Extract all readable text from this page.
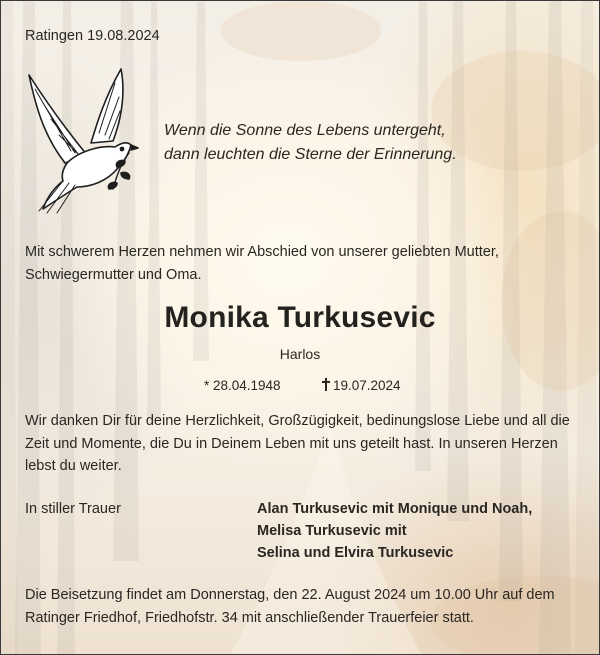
Ratingen 19.08.2024
Wenn die Sonne des Lebens untergeht,
dann leuchten die Sterne der Erinnerung.
Mit schwerem Herzen nehmen wir Abschied von unserer geliebten Mutter, Schwiegermutter und Oma.
Monika Turkusevic
Harlos
* 28.04.1948	19.07.2024
Wir danken Dir für deine Herzlichkeit, Großzügigkeit, bedinungslose Liebe und all die Zeit und Momente, die Du in Deinem Leben mit uns geteilt hast. In unseren Herzen lebst du weiter.
In stiller Trauer	Alan Turkusevic mit Monique und Noah,
Melisa Turkusevic mit
Selina und Elvira Turkusevic
Die Beisetzung findet am Donnerstag, den 22. August 2024 um 10.00 Uhr auf dem Ratinger Friedhof, Friedhofstr. 34 mit anschließender Trauerfeier statt.
